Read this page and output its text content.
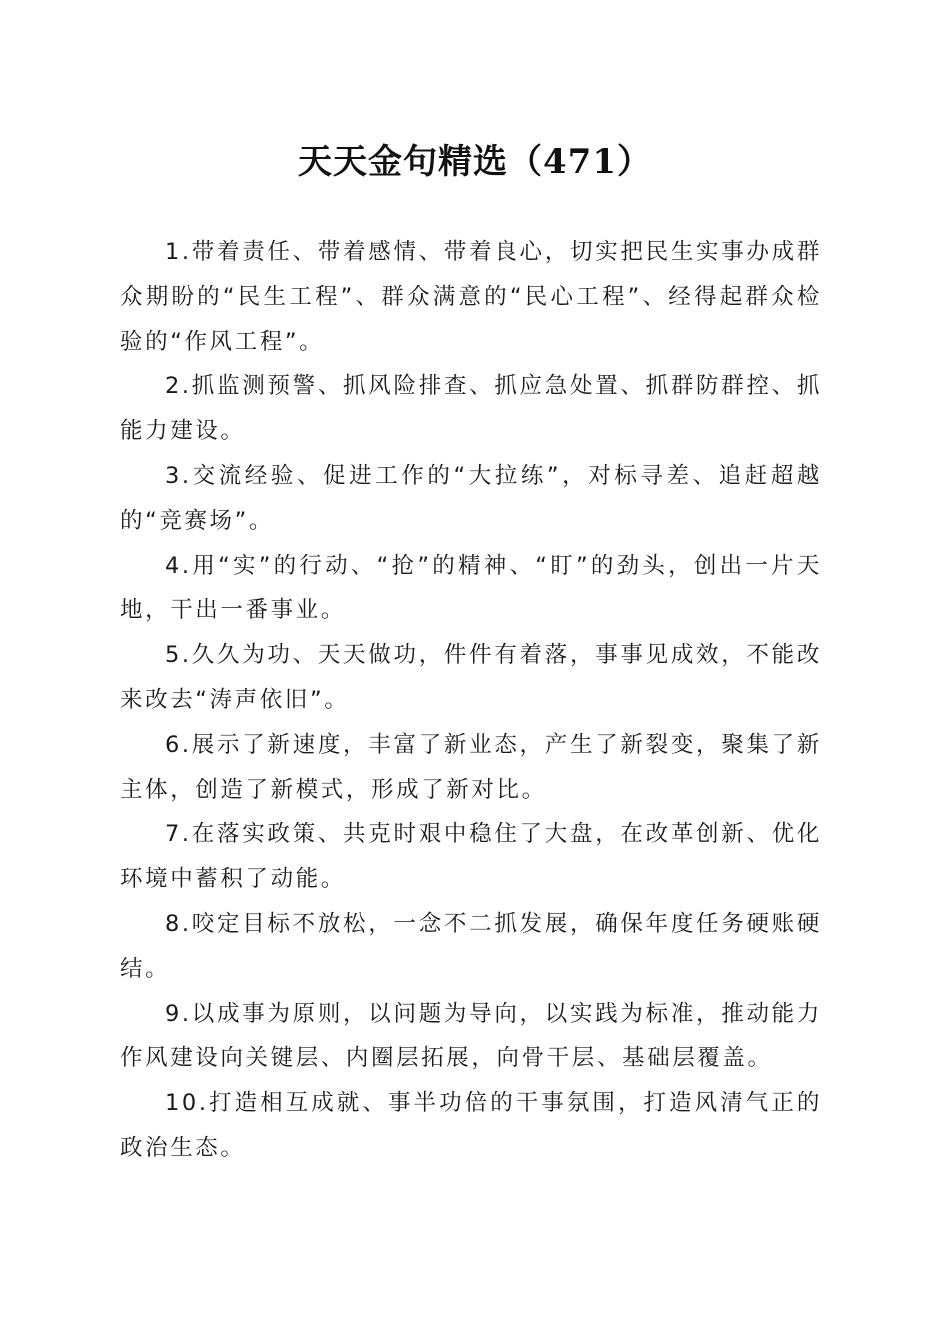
天天金句精选（471）

1.带着责任、带着感情、带着良心，切实把民生实事办成群众期盼的“民生工程”、群众满意的“民心工程”、经得起群众检验的“作风工程”。

2.抓监测预警、抓风险排查、抓应急处置、抓群防群控、抓能力建设。

3.交流经验、促进工作的“大拉练”，对标寻差、追赶超越的“竞赛场”。

4.用“实”的行动、“抢”的精神、“盯”的劲头，创出一片天地，干出一番事业。

5.久久为功、天天做功，件件有着落，事事见成效，不能改来改去“涛声依旧”。

6.展示了新速度，丰富了新业态，产生了新裂变，聚集了新主体，创造了新模式，形成了新对比。

7.在落实政策、共克时艰中稳住了大盘，在改革创新、优化环境中蓄积了动能。

8.咬定目标不放松，一念不二抓发展，确保年度任务硬账硬结。

9.以成事为原则，以问题为导向，以实践为标准，推动能力作风建设向关键层、内圈层拓展，向骨干层、基础层覆盖。

10.打造相互成就、事半功倍的干事氛围，打造风清气正的政治生态。
